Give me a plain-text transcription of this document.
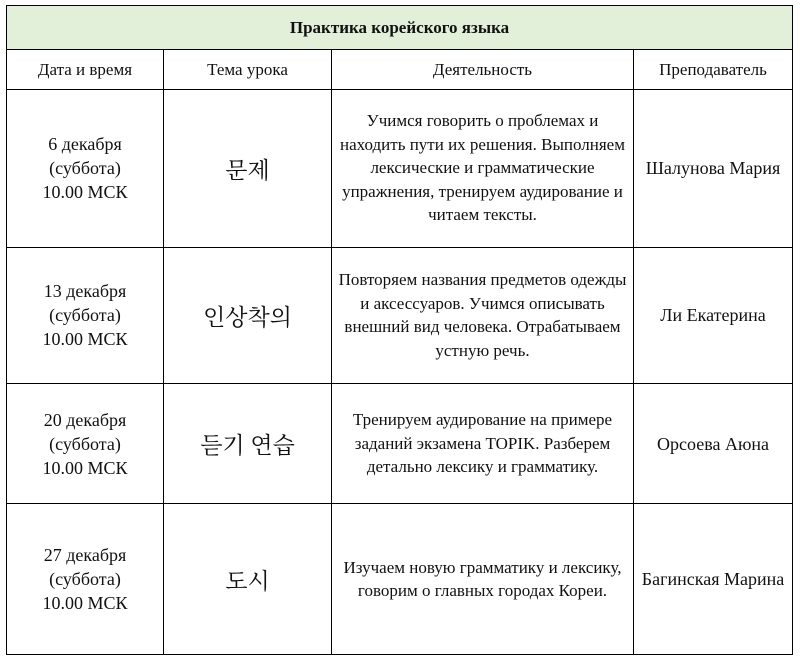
Практика корейского языка			
Дата и время	Тема урока	Деятельность	Преподаватель

6 декабря
(суббота)
10.00 МСК	문제	Учимся говорить о проблемах и находить пути их решения. Выполняем лексические и грамматические упражнения, тренируем аудирование и читаем тексты.	Шалунова Мария

13 декабря
(суббота)
10.00 МСК	인상착의	Повторяем названия предметов одежды и аксессуаров. Учимся описывать внешний вид человека. Отрабатываем устную речь.	Ли Екатерина

20 декабря
(суббота)
10.00 МСК	듣기 연습	Тренируем аудирование на примере заданий экзамена TOPIK. Разберем детально лексику и грамматику.	Орсоева Аюна

27 декабря
(суббота)
10.00 МСК	도시	Изучаем новую грамматику и лексику, говорим о главных городах Кореи.	Багинская Марина
